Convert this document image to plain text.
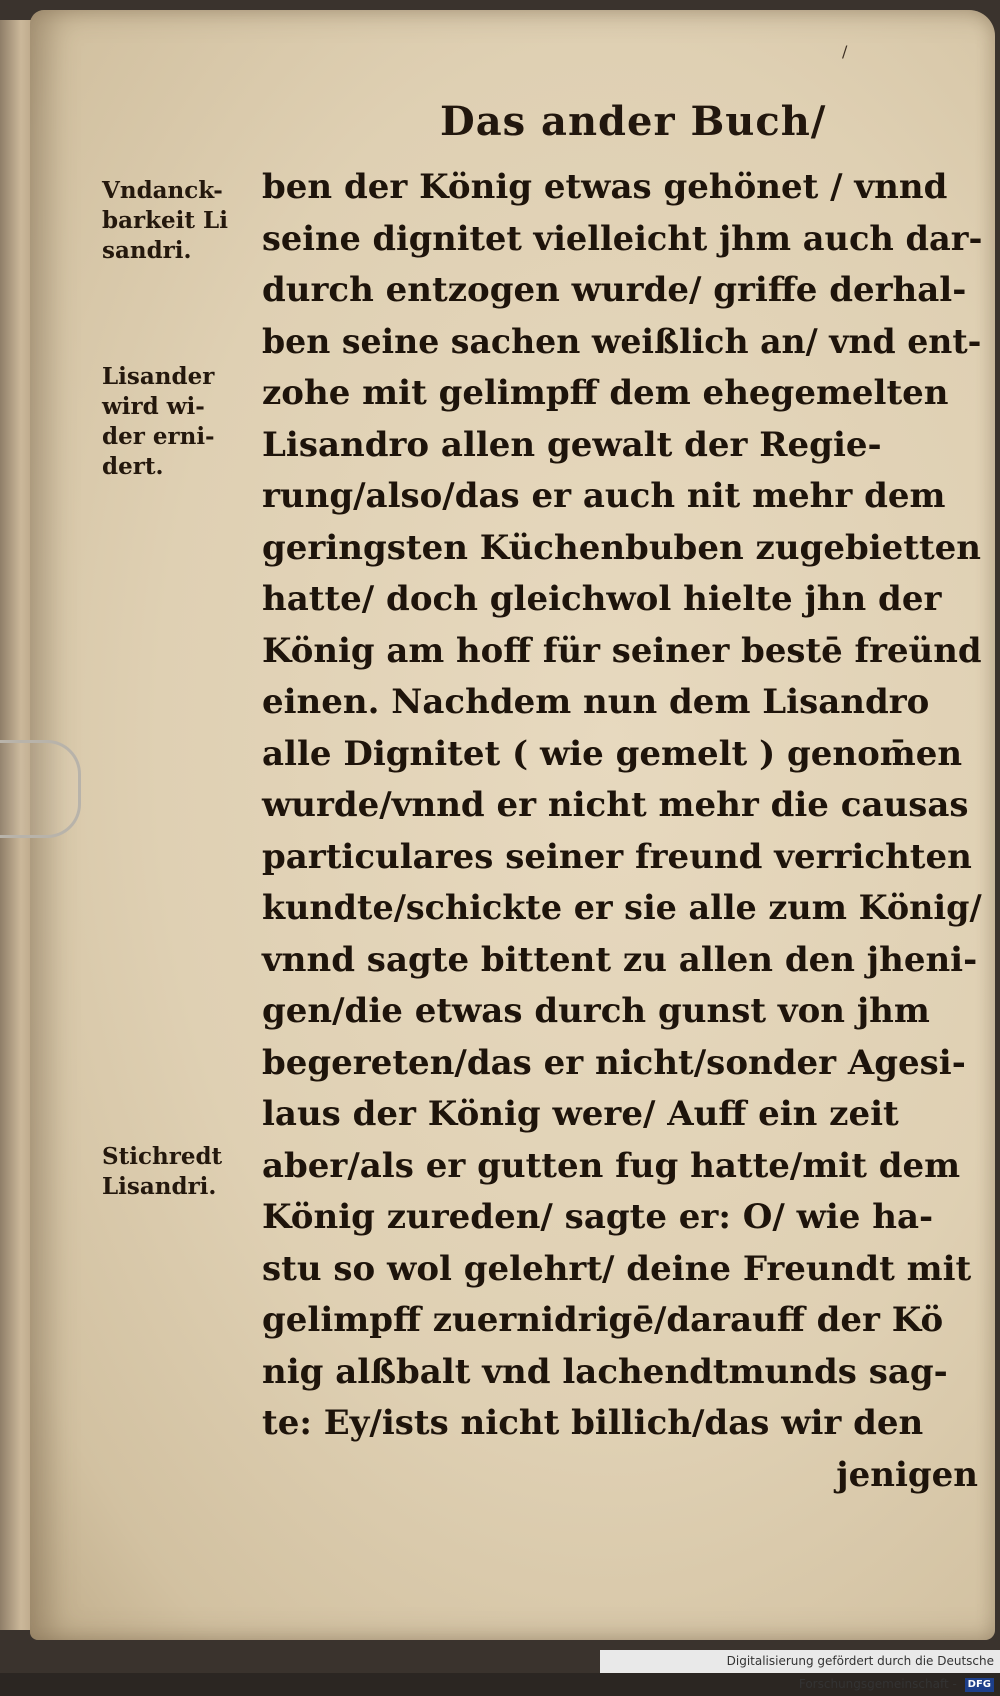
/
Das ander Buch/
Vndanck-
barkeit Li
sandri.
Lisander
wird wi-
der erni-
dert.
Stichredt
Lisandri.
ben der König etwas gehönet / vnnd
seine dignitet vielleicht jhm auch dar-
durch entzogen wurde/ griffe derhal-
ben seine sachen weißlich an/ vnd ent-
zohe mit gelimpff dem ehegemelten
Lisandro allen gewalt der Regie-
rung/also/das er auch nit mehr dem
geringsten Küchenbuben zugebietten
hatte/ doch gleichwol hielte jhn der
König am hoff für seiner bestē freünd
einen. Nachdem nun dem Lisandro
alle Dignitet ( wie gemelt ) genom̄en
wurde/vnnd er nicht mehr die causas
particulares seiner freund verrichten
kundte/schickte er sie alle zum König/
vnnd sagte bittent zu allen den jheni-
gen/die etwas durch gunst von jhm
begereten/das er nicht/sonder Agesi-
laus der König were/ Auff ein zeit
aber/als er gutten fug hatte/mit dem
König zureden/ sagte er: O/ wie ha-
stu so wol gelehrt/ deine Freundt mit
gelimpff zuernidrigē/darauff der Kö
nig alßbalt vnd lachendtmunds sag-
te: Ey/ists nicht billich/das wir den
jenigen
Digitalisierung gefördert durch die Deutsche Forschungsgemeinschaft - DFG
